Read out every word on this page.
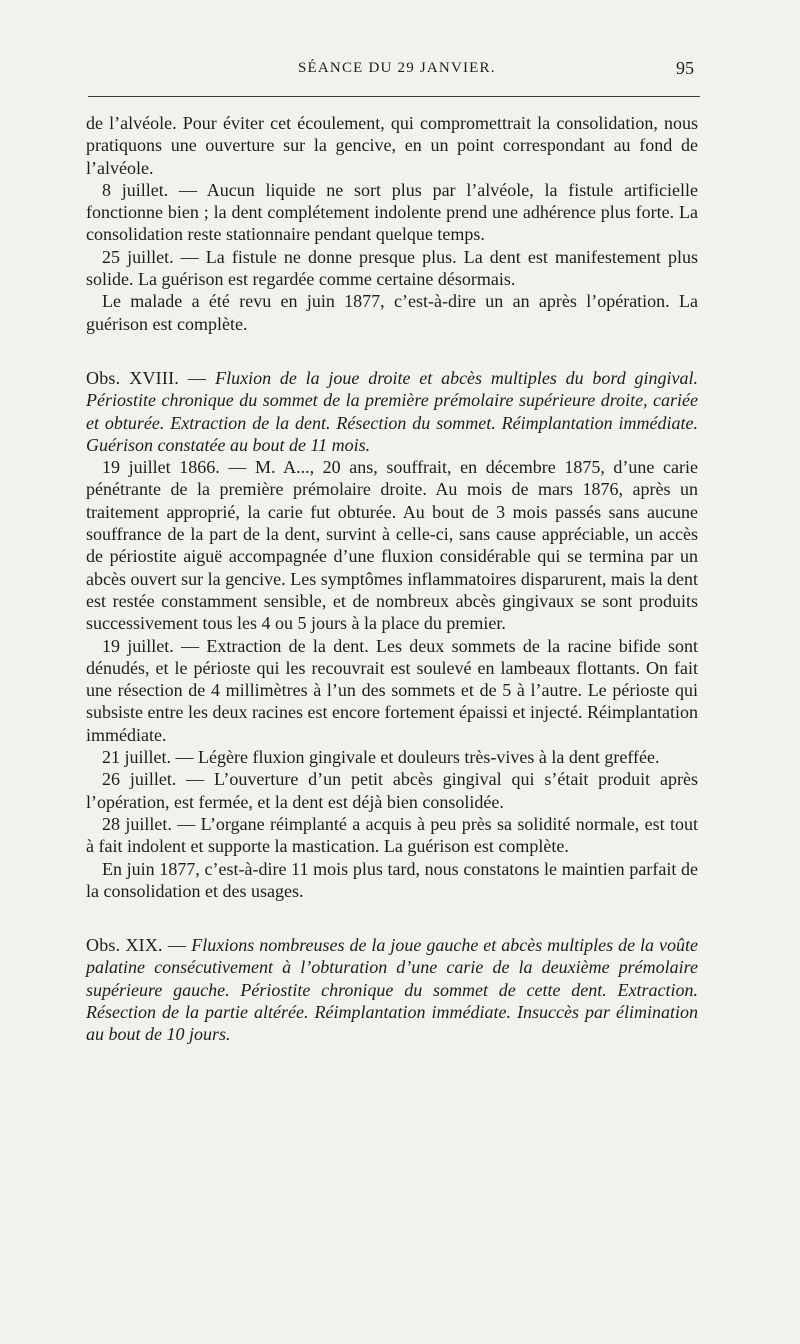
SÉANCE DU 29 JANVIER.	95

de l’alvéole. Pour éviter cet écoulement, qui compromettrait la consolidation, nous pratiquons une ouverture sur la gencive, en un point correspondant au fond de l’alvéole.

8 juillet. — Aucun liquide ne sort plus par l’alvéole, la fistule artificielle fonctionne bien ; la dent complétement indolente prend une adhérence plus forte. La consolidation reste stationnaire pendant quelque temps.

25 juillet. — La fistule ne donne presque plus. La dent est manifestement plus solide. La guérison est regardée comme certaine désormais.

Le malade a été revu en juin 1877, c’est-à-dire un an après l’opération. La guérison est complète.

Obs. XVIII. — Fluxion de la joue droite et abcès multiples du bord gingival. Périostite chronique du sommet de la première prémolaire supérieure droite, cariée et obturée. Extraction de la dent. Résection du sommet. Réimplantation immédiate. Guérison constatée au bout de 11 mois.

19 juillet 1866. — M. A..., 20 ans, souffrait, en décembre 1875, d’une carie pénétrante de la première prémolaire droite. Au mois de mars 1876, après un traitement approprié, la carie fut obturée. Au bout de 3 mois passés sans aucune souffrance de la part de la dent, survint à celle-ci, sans cause appréciable, un accès de périostite aiguë accompagnée d’une fluxion considérable qui se termina par un abcès ouvert sur la gencive. Les symptômes inflammatoires disparurent, mais la dent est restée constamment sensible, et de nombreux abcès gingivaux se sont produits successivement tous les 4 ou 5 jours à la place du premier.

19 juillet. — Extraction de la dent. Les deux sommets de la racine bifide sont dénudés, et le périoste qui les recouvrait est soulevé en lambeaux flottants. On fait une résection de 4 millimètres à l’un des sommets et de 5 à l’autre. Le périoste qui subsiste entre les deux racines est encore fortement épaissi et injecté. Réimplantation immédiate.

21 juillet. — Légère fluxion gingivale et douleurs très-vives à la dent greffée.

26 juillet. — L’ouverture d’un petit abcès gingival qui s’était produit après l’opération, est fermée, et la dent est déjà bien consolidée.

28 juillet. — L’organe réimplanté a acquis à peu près sa solidité normale, est tout à fait indolent et supporte la mastication. La guérison est complète.

En juin 1877, c’est-à-dire 11 mois plus tard, nous constatons le maintien parfait de la consolidation et des usages.

Obs. XIX. — Fluxions nombreuses de la joue gauche et abcès multiples de la voûte palatine consécutivement à l’obturation d’une carie de la deuxième prémolaire supérieure gauche. Périostite chronique du sommet de cette dent. Extraction. Résection de la partie altérée. Réimplantation immédiate. Insuccès par élimination au bout de 10 jours.
